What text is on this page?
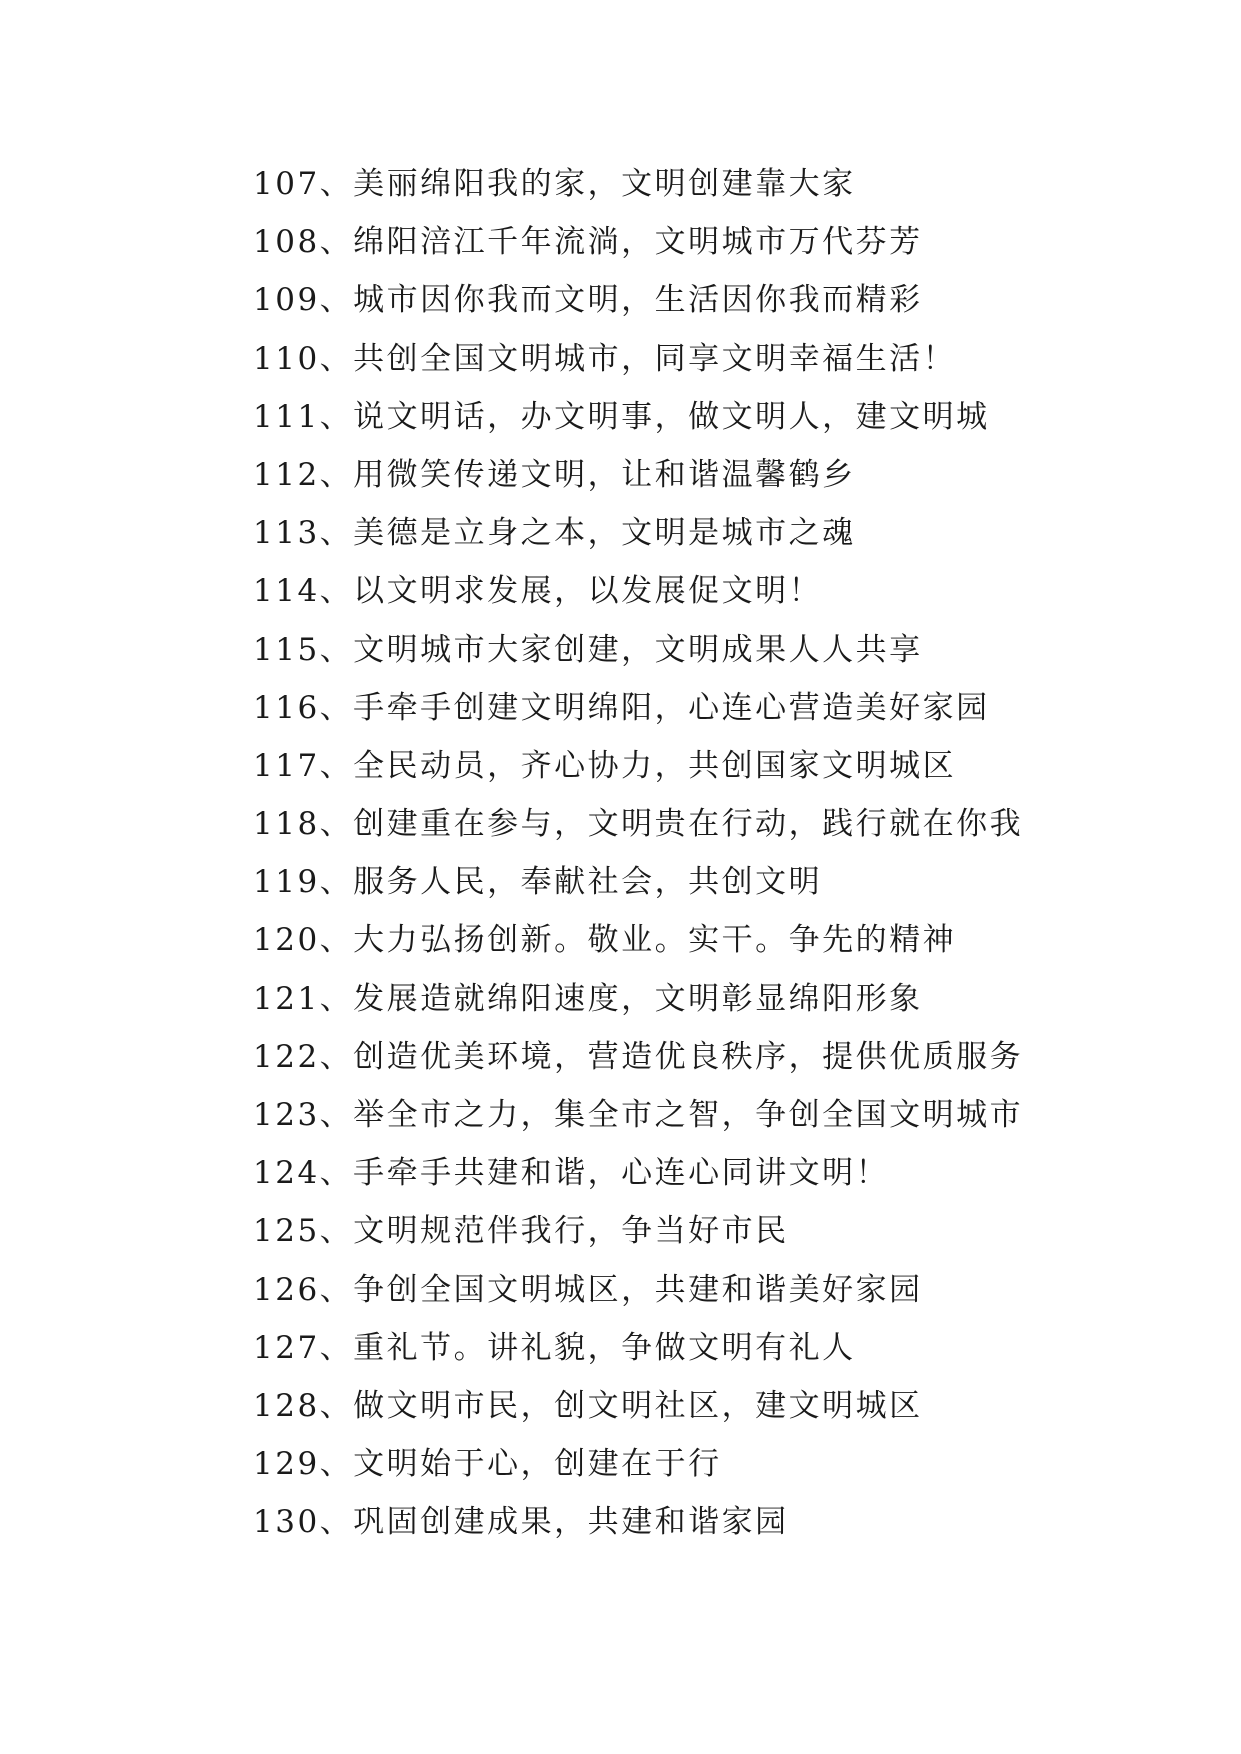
107、美丽绵阳我的家，文明创建靠大家
108、绵阳涪江千年流淌，文明城市万代芬芳
109、城市因你我而文明，生活因你我而精彩
110、共创全国文明城市，同享文明幸福生活！
111、说文明话，办文明事，做文明人，建文明城
112、用微笑传递文明，让和谐温馨鹤乡
113、美德是立身之本，文明是城市之魂
114、以文明求发展，以发展促文明！
115、文明城市大家创建，文明成果人人共享
116、手牵手创建文明绵阳，心连心营造美好家园
117、全民动员，齐心协力，共创国家文明城区
118、创建重在参与，文明贵在行动，践行就在你我
119、服务人民，奉献社会，共创文明
120、大力弘扬创新。敬业。实干。争先的精神
121、发展造就绵阳速度，文明彰显绵阳形象
122、创造优美环境，营造优良秩序，提供优质服务
123、举全市之力，集全市之智，争创全国文明城市
124、手牵手共建和谐，心连心同讲文明！
125、文明规范伴我行，争当好市民
126、争创全国文明城区，共建和谐美好家园
127、重礼节。讲礼貌，争做文明有礼人
128、做文明市民，创文明社区，建文明城区
129、文明始于心，创建在于行
130、巩固创建成果，共建和谐家园
